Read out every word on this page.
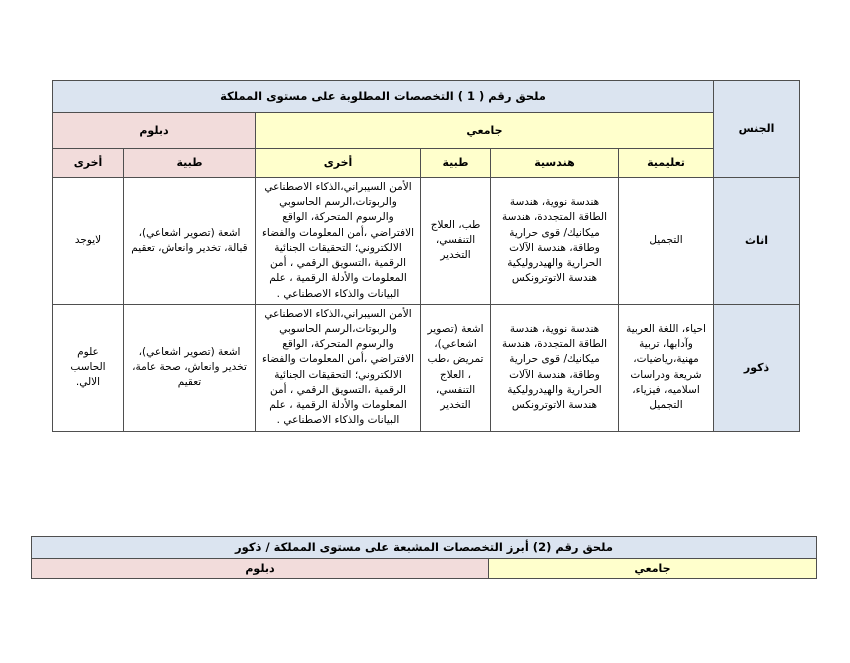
الجنس	ملحق رقم ( 1 ) التخصصات المطلوبة على مستوى المملكة					
	جامعي				دبلوم	
	تعليمية	هندسية	طبية	أخرى	طبية	أخرى
اناث	التجميل	هندسة نووية، هندسة الطاقة المتجددة، هندسة ميكانيك/ قوى حرارية وطاقة، هندسة الآلات الحرارية والهيدروليكية هندسة الاتوترونكس	طب، العلاج التنفسي، التخدير	الأمن السيبراني،الذكاء الاصطناعي والربوتات،الرسم الحاسوبي والرسوم المتحركة، الواقع الافتراضي ،أمن المعلومات والفضاء الالكتروني؛ التحقيقات الجنائية الرقمية ،التسويق الرقمي ، أمن المعلومات والأدلة الرقمية ، علم البيانات والذكاء الاصطناعي .	اشعة (تصوير اشعاعي)، قبالة، تخدير وانعاش، تعقيم	لايوجد
ذكور	احياء، اللغة العربية وآدابها، تربية مهنية،رياضيات، شريعة ودراسات اسلاميه، فيزياء، التجميل	هندسة نووية، هندسة الطاقة المتجددة، هندسة ميكانيك/ قوى حرارية وطاقة، هندسة الآلات الحرارية والهيدروليكية هندسة الاتوترونكس	اشعة (تصوير اشعاعي)، تمريض ،طب ، العلاج التنفسي، التخدير	الأمن السيبراني،الذكاء الاصطناعي والربوتات،الرسم الحاسوبي والرسوم المتحركة، الواقع الافتراضي ،أمن المعلومات والفضاء الالكتروني؛ التحقيقات الجنائية الرقمية ،التسويق الرقمي ، أمن المعلومات والأدلة الرقمية ، علم البيانات والذكاء الاصطناعي .	اشعة (تصوير اشعاعي)، تخدير وانعاش، صحة عامة، تعقيم	علوم الحاسب الالي.
ملحق رقم (2) أبرز التخصصات المشبعة على مستوى المملكة / ذكور
جامعي	دبلوم
